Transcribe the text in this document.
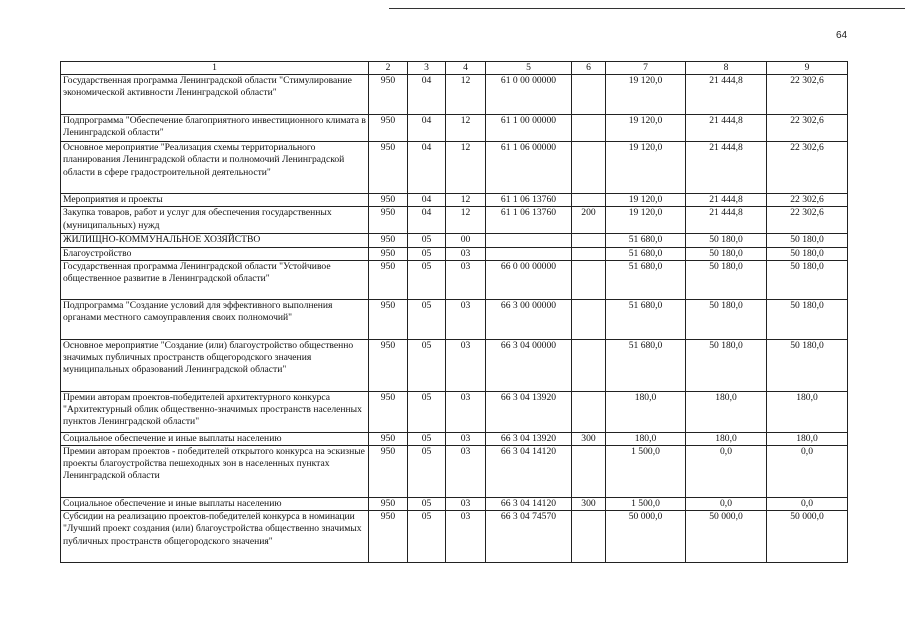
64
1	2	3	4	5	6	7	8	9
Государственная программа Ленинградской области "Стимулирование экономической активности Ленинградской области"	950	04	12	61 0 00 00000		19 120,0	21 444,8	22 302,6
Подпрограмма "Обеспечение благоприятного инвестиционного климата в Ленинградской области"	950	04	12	61 1 00 00000		19 120,0	21 444,8	22 302,6
Основное мероприятие "Реализация схемы территориального планирования Ленинградской области и полномочий Ленинградской области в сфере градостроительной деятельности"	950	04	12	61 1 06 00000		19 120,0	21 444,8	22 302,6
Мероприятия и проекты	950	04	12	61 1 06 13760		19 120,0	21 444,8	22 302,6
Закупка товаров, работ и услуг для обеспечения государственных (муниципальных) нужд	950	04	12	61 1 06 13760	200	19 120,0	21 444,8	22 302,6
ЖИЛИЩНО-КОММУНАЛЬНОЕ ХОЗЯЙСТВО	950	05	00			51 680,0	50 180,0	50 180,0
Благоустройство	950	05	03			51 680,0	50 180,0	50 180,0
Государственная программа Ленинградской области "Устойчивое общественное развитие в Ленинградской области"	950	05	03	66 0 00 00000		51 680,0	50 180,0	50 180,0
Подпрограмма "Создание условий для эффективного выполнения органами местного самоуправления своих полномочий"	950	05	03	66 3 00 00000		51 680,0	50 180,0	50 180,0
Основное мероприятие "Создание (или) благоустройство общественно значимых публичных пространств общегородского значения муниципальных образований Ленинградской области"	950	05	03	66 3 04 00000		51 680,0	50 180,0	50 180,0
Премии авторам проектов-победителей архитектурного конкурса "Архитектурный облик общественно-значимых пространств населенных пунктов Ленинградской области"	950	05	03	66 3 04 13920		180,0	180,0	180,0
Социальное обеспечение и иные выплаты населению	950	05	03	66 3 04 13920	300	180,0	180,0	180,0
Премии авторам проектов - победителей открытого конкурса на эскизные проекты благоустройства пешеходных зон в населенных пунктах Ленинградской области	950	05	03	66 3 04 14120		1 500,0	0,0	0,0
Социальное обеспечение и иные выплаты населению	950	05	03	66 3 04 14120	300	1 500,0	0,0	0,0
Субсидии на реализацию проектов-победителей конкурса в номинации "Лучший проект создания (или) благоустройства общественно значимых публичных пространств общегородского значения"	950	05	03	66 3 04 74570		50 000,0	50 000,0	50 000,0
